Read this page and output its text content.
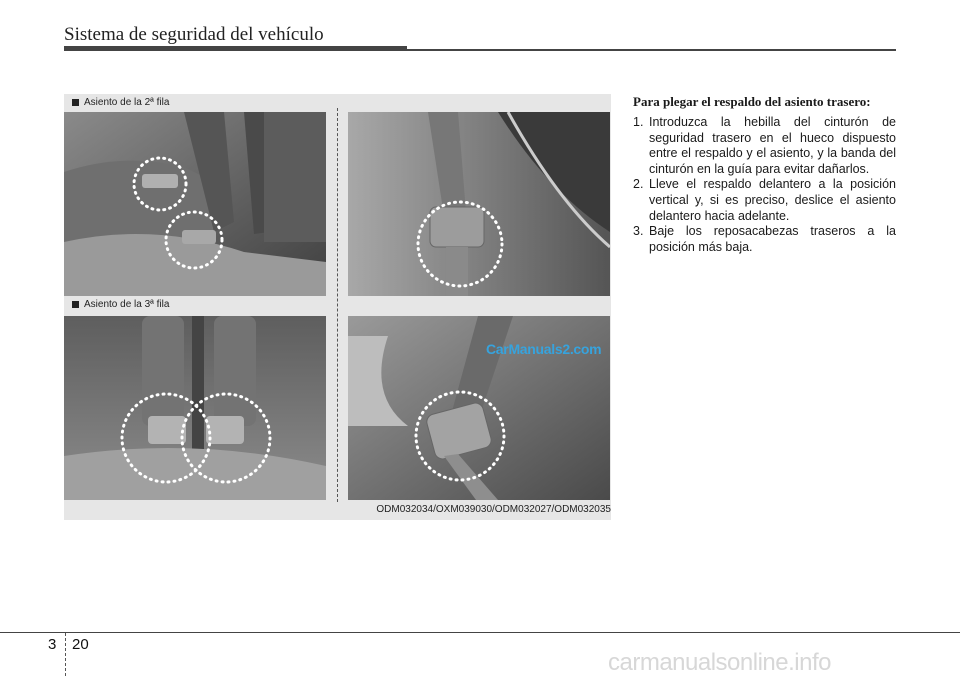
Sistema de seguridad del vehículo
Asiento de la 2ª fila
Asiento de la 3ª fila
ODM032034/OXM039030/ODM032027/ODM032035
CarManuals2.com
Para plegar el respaldo del asiento trasero:
1. Introduzca la hebilla del cinturón de seguridad trasero en el hueco dispuesto entre el respaldo y el asiento, y la banda del cinturón en la guía para evitar dañarlos.
2. Lleve el respaldo delantero a la posición vertical y, si es preciso, deslice el asiento delantero hacia adelante.
3. Baje los reposacabezas traseros a la posición más baja.
3 20
carmanualsonline.info
